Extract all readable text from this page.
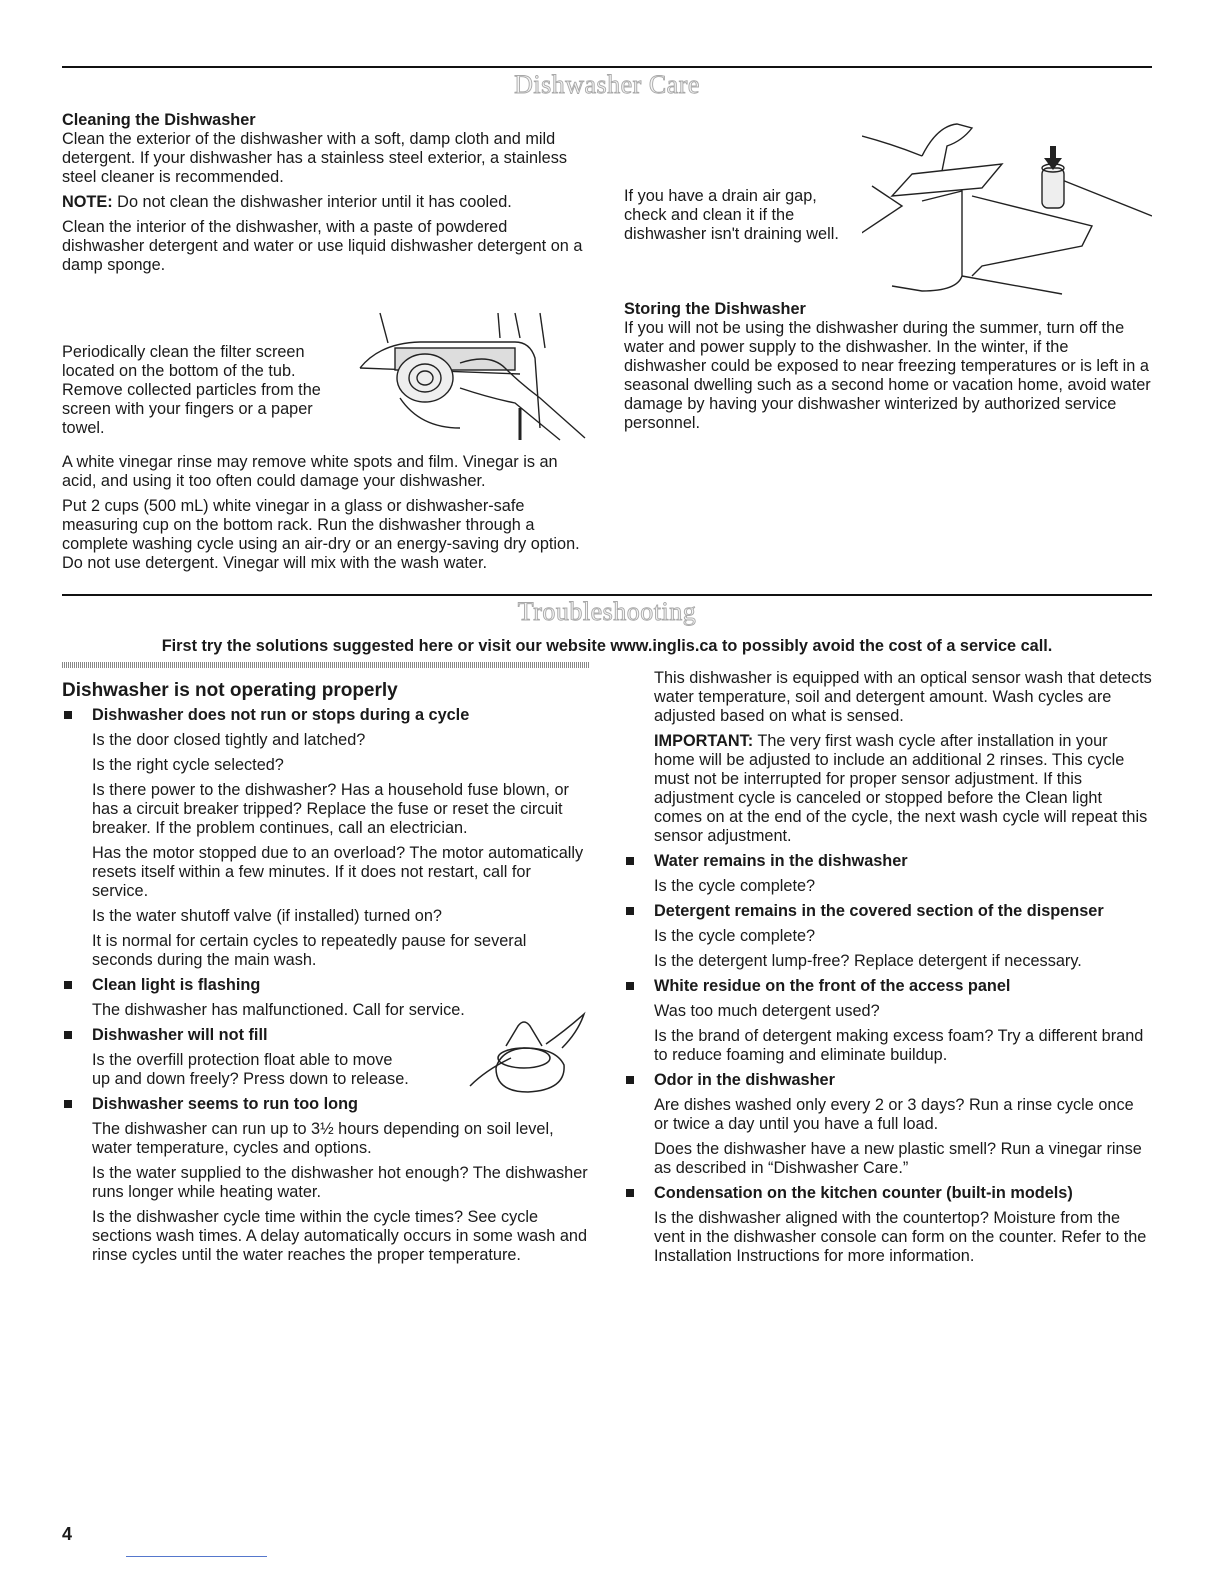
Dishwasher Care

Cleaning the Dishwasher

Clean the exterior of the dishwasher with a soft, damp cloth and mild detergent. If your dishwasher has a stainless steel exterior, a stainless steel cleaner is recommended.

NOTE: Do not clean the dishwasher interior until it has cooled.

Clean the interior of the dishwasher, with a paste of powdered dishwasher detergent and water or use liquid dishwasher detergent on a damp sponge.

Periodically clean the filter screen located on the bottom of the tub. Remove collected particles from the screen with your fingers or a paper towel.

A white vinegar rinse may remove white spots and film. Vinegar is an acid, and using it too often could damage your dishwasher.

Put 2 cups (500 mL) white vinegar in a glass or dishwasher-safe measuring cup on the bottom rack. Run the dishwasher through a complete washing cycle using an air-dry or an energy-saving dry option. Do not use detergent. Vinegar will mix with the wash water.

If you have a drain air gap, check and clean it if the dishwasher isn't draining well.

Storing the Dishwasher

If you will not be using the dishwasher during the summer, turn off the water and power supply to the dishwasher. In the winter, if the dishwasher could be exposed to near freezing temperatures or is left in a seasonal dwelling such as a second home or vacation home, avoid water damage by having your dishwasher winterized by authorized service personnel.

Troubleshooting
First try the solutions suggested here or visit our website www.inglis.ca to possibly avoid the cost of a service call.

Dishwasher is not operating properly

Dishwasher does not run or stops during a cycle

Is the door closed tightly and latched?

Is the right cycle selected?

Is there power to the dishwasher? Has a household fuse blown, or has a circuit breaker tripped? Replace the fuse or reset the circuit breaker. If the problem continues, call an electrician.

Has the motor stopped due to an overload? The motor automatically resets itself within a few minutes. If it does not restart, call for service.

Is the water shutoff valve (if installed) turned on?

It is normal for certain cycles to repeatedly pause for several seconds during the main wash.

Clean light is flashing

The dishwasher has malfunctioned. Call for service.

Dishwasher will not fill

Is the overfill protection float able to move up and down freely? Press down to release.

Dishwasher seems to run too long

The dishwasher can run up to 3½ hours depending on soil level, water temperature, cycles and options.

Is the water supplied to the dishwasher hot enough? The dishwasher runs longer while heating water.

Is the dishwasher cycle time within the cycle times? See cycle sections wash times. A delay automatically occurs in some wash and rinse cycles until the water reaches the proper temperature.

This dishwasher is equipped with an optical sensor wash that detects water temperature, soil and detergent amount. Wash cycles are adjusted based on what is sensed.

IMPORTANT: The very first wash cycle after installation in your home will be adjusted to include an additional 2 rinses. This cycle must not be interrupted for proper sensor adjustment. If this adjustment cycle is canceled or stopped before the Clean light comes on at the end of the cycle, the next wash cycle will repeat this sensor adjustment.

Water remains in the dishwasher

Is the cycle complete?

Detergent remains in the covered section of the dispenser

Is the cycle complete?

Is the detergent lump-free? Replace detergent if necessary.

White residue on the front of the access panel

Was too much detergent used?

Is the brand of detergent making excess foam? Try a different brand to reduce foaming and eliminate buildup.

Odor in the dishwasher

Are dishes washed only every 2 or 3 days? Run a rinse cycle once or twice a day until you have a full load.

Does the dishwasher have a new plastic smell? Run a vinegar rinse as described in “Dishwasher Care.”

Condensation on the kitchen counter (built-in models)

Is the dishwasher aligned with the countertop? Moisture from the vent in the dishwasher console can form on the counter. Refer to the Installation Instructions for more information.

4
